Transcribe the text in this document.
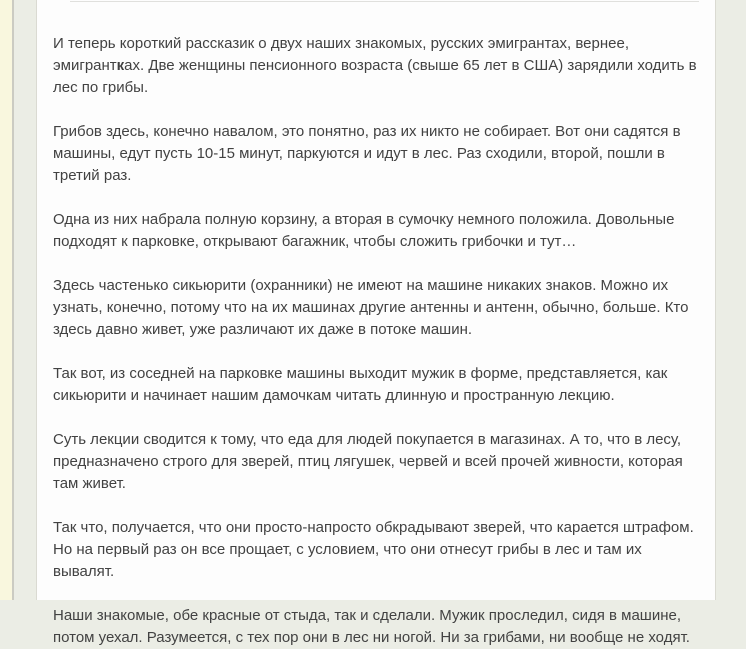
И теперь короткий рассказик о двух наших знакомых, русских эмигрантах, вернее, эмигрантках. Две женщины пенсионного возраста (свыше 65 лет в США) зарядили ходить в лес по грибы.

Грибов здесь, конечно навалом, это понятно, раз их никто не собирает. Вот они садятся в машины, едут пусть 10-15 минут, паркуются и идут в лес. Раз сходили, второй, пошли в третий раз.

Одна из них набрала полную корзину, а вторая в сумочку немного положила. Довольные подходят к парковке, открывают багажник, чтобы сложить грибочки и тут…

Здесь частенько сикьюрити (охранники) не имеют на машине никаких знаков. Можно их узнать, конечно, потому что на их машинах другие антенны и антенн, обычно, больше. Кто здесь давно живет, уже различают их даже в потоке машин.

Так вот, из соседней на парковке машины выходит мужик в форме, представляется, как сикьюрити и начинает нашим дамочкам читать длинную и пространную лекцию.

Суть лекции сводится к тому, что еда для людей покупается в магазинах. А то, что в лесу, предназначено строго для зверей, птиц лягушек, червей и всей прочей живности, которая там живет.

Так что, получается, что они просто-напросто обкрадывают зверей, что карается штрафом. Но на первый раз он все прощает, с условием, что они отнесут грибы в лес и там их вывалят.

Наши знакомые, обе красные от стыда, так и сделали. Мужик проследил, сидя в машине, потом уехал. Разумеется, с тех пор они в лес ни ногой. Ни за грибами, ни вообще не ходят.
